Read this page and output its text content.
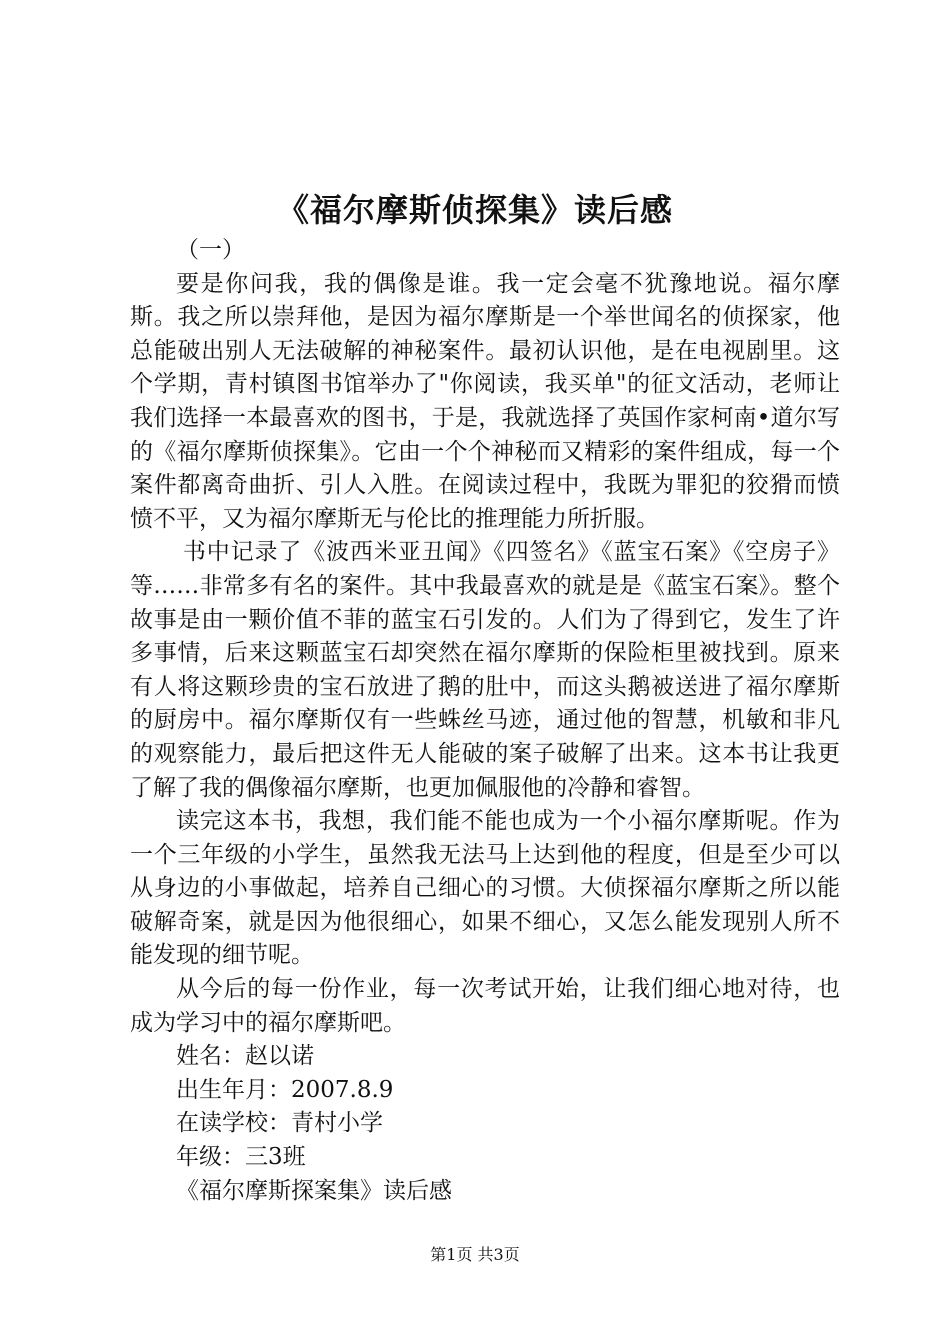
《福尔摩斯侦探集》读后感
（一）

要是你问我，我的偶像是谁。我一定会毫不犹豫地说。福尔摩斯。我之所以崇拜他，是因为福尔摩斯是一个举世闻名的侦探家，他总能破出别人无法破解的神秘案件。最初认识他，是在电视剧里。这个学期，青村镇图书馆举办了"你阅读，我买单"的征文活动，老师让我们选择一本最喜欢的图书，于是，我就选择了英国作家柯南•道尔写的《福尔摩斯侦探集》。它由一个个神秘而又精彩的案件组成，每一个案件都离奇曲折、引人入胜。在阅读过程中，我既为罪犯的狡猾而愤愤不平，又为福尔摩斯无与伦比的推理能力所折服。

书中记录了《波西米亚丑闻》《四签名》《蓝宝石案》《空房子》等……非常多有名的案件。其中我最喜欢的就是是《蓝宝石案》。整个故事是由一颗价值不菲的蓝宝石引发的。人们为了得到它，发生了许多事情，后来这颗蓝宝石却突然在福尔摩斯的保险柜里被找到。原来有人将这颗珍贵的宝石放进了鹅的肚中，而这头鹅被送进了福尔摩斯的厨房中。福尔摩斯仅有一些蛛丝马迹，通过他的智慧，机敏和非凡的观察能力，最后把这件无人能破的案子破解了出来。这本书让我更了解了我的偶像福尔摩斯，也更加佩服他的冷静和睿智。

读完这本书，我想，我们能不能也成为一个小福尔摩斯呢。作为一个三年级的小学生，虽然我无法马上达到他的程度，但是至少可以从身边的小事做起，培养自己细心的习惯。大侦探福尔摩斯之所以能破解奇案，就是因为他很细心，如果不细心，又怎么能发现别人所不能发现的细节呢。

从今后的每一份作业，每一次考试开始，让我们细心地对待，也成为学习中的福尔摩斯吧。

姓名：赵以诺
出生年月：2007.8.9
在读学校：青村小学
年级：三3班
《福尔摩斯探案集》读后感
第1页 共3页
